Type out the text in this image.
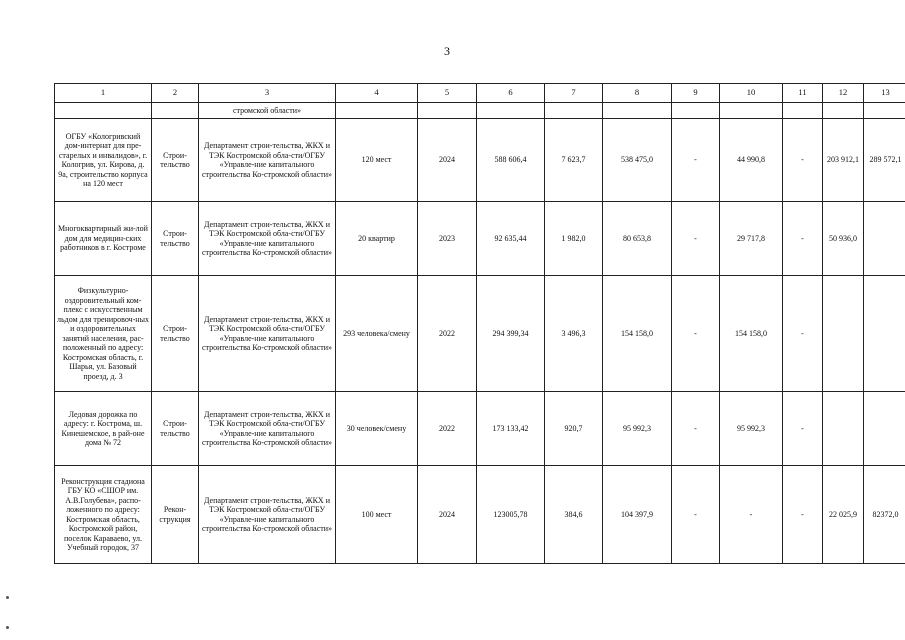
3
1	2	3	4	5	6	7	8	9	10	11	12	13
		стромской области»										
ОГБУ «Кологривский дом-интернат для пре-старелых и инвалидов», г. Кологрив, ул. Кирова, д. 9а, строительство корпуса на 120 мест	Строи-тельство	Департамент строи-тельства, ЖКХ и ТЭК Костромской обла-сти/ОГБУ «Управле-ние капитального строительства Ко-стромской области»	120 мест	2024	588 606,4	7 623,7	538 475,0	-	44 990,8	-	203 912,1	289 572,1
Многоквартирный жи-лой дом для медицин-ских работников в г. Костроме	Строи-тельство	Департамент строи-тельства, ЖКХ и ТЭК Костромской обла-сти/ОГБУ «Управле-ние капитального строительства Ко-стромской области»	20 квартир	2023	92 635,44	1 982,0	80 653,8	-	29 717,8	-	50 936,0	
Физкультурно-оздоровительный ком-плекс с искусственным льдом для тренировоч-ных и оздоровительных занятий населения, рас-положенный по адресу: Костромская область, г. Шарья, ул. Базовый проезд, д. 3	Строи-тельство	Департамент строи-тельства, ЖКХ и ТЭК Костромской обла-сти/ОГБУ «Управле-ние капитального строительства Ко-стромской области»	293 человека/смену	2022	294 399,34	3 496,3	154 158,0	-	154 158,0	-		
Ледовая дорожка по адресу: г. Кострома, ш. Кинешемское, в рай-оне дома № 72	Строи-тельство	Департамент строи-тельства, ЖКХ и ТЭК Костромской обла-сти/ОГБУ «Управле-ние капитального строительства Ко-стромской области»	30 человек/смену	2022	173 133,42	920,7	95 992,3	-	95 992,3	-		
Реконструкция стадиона ГБУ КО «СШОР им. А.В.Голубева», распо-ложенного по адресу: Костромская область, Костромской район, поселок Караваево, ул. Учебный городок, 37	Рекон-струкция	Департамент строи-тельства, ЖКХ и ТЭК Костромской обла-сти/ОГБУ «Управле-ние капитального строительства Ко-стромской области»	100 мест	2024	123005,78	384,6	104 397,9	-	-	-	22 025,9	82372,0
